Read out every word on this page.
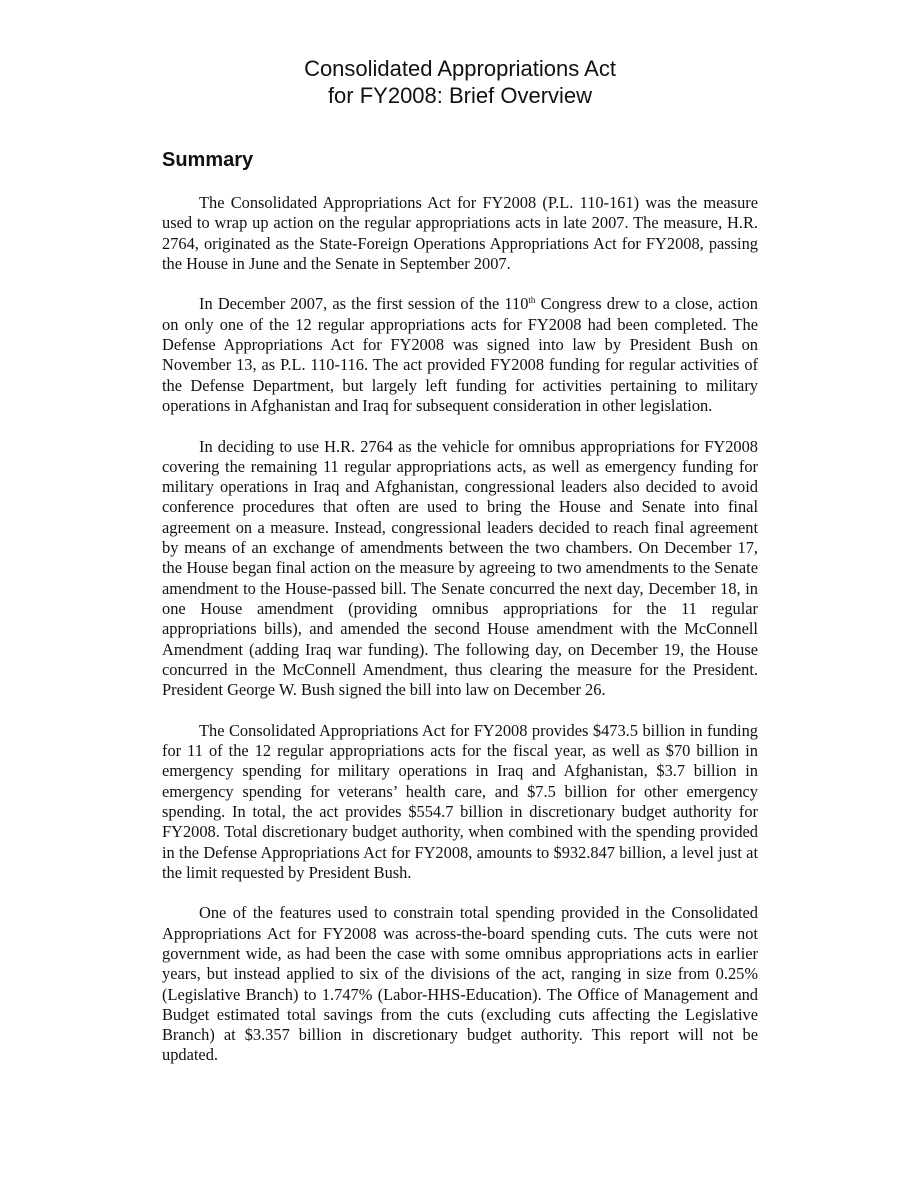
Consolidated Appropriations Act
for FY2008: Brief Overview
Summary

The Consolidated Appropriations Act for FY2008 (P.L. 110-161) was the measure used to wrap up action on the regular appropriations acts in late 2007. The measure, H.R. 2764, originated as the State-Foreign Operations Appropriations Act for FY2008, passing the House in June and the Senate in September 2007.

In December 2007, as the first session of the 110th Congress drew to a close, action on only one of the 12 regular appropriations acts for FY2008 had been completed. The Defense Appropriations Act for FY2008 was signed into law by President Bush on November 13, as P.L. 110-116. The act provided FY2008 funding for regular activities of the Defense Department, but largely left funding for activities pertaining to military operations in Afghanistan and Iraq for subsequent consideration in other legislation.

In deciding to use H.R. 2764 as the vehicle for omnibus appropriations for FY2008 covering the remaining 11 regular appropriations acts, as well as emergency funding for military operations in Iraq and Afghanistan, congressional leaders also decided to avoid conference procedures that often are used to bring the House and Senate into final agreement on a measure. Instead, congressional leaders decided to reach final agreement by means of an exchange of amendments between the two chambers. On December 17, the House began final action on the measure by agreeing to two amendments to the Senate amendment to the House-passed bill. The Senate concurred the next day, December 18, in one House amendment (providing omnibus appropriations for the 11 regular appropriations bills), and amended the second House amendment with the McConnell Amendment (adding Iraq war funding). The following day, on December 19, the House concurred in the McConnell Amendment, thus clearing the measure for the President. President George W. Bush signed the bill into law on December 26.

The Consolidated Appropriations Act for FY2008 provides $473.5 billion in funding for 11 of the 12 regular appropriations acts for the fiscal year, as well as $70 billion in emergency spending for military operations in Iraq and Afghanistan, $3.7 billion in emergency spending for veterans’ health care, and $7.5 billion for other emergency spending. In total, the act provides $554.7 billion in discretionary budget authority for FY2008. Total discretionary budget authority, when combined with the spending provided in the Defense Appropriations Act for FY2008, amounts to $932.847 billion, a level just at the limit requested by President Bush.

One of the features used to constrain total spending provided in the Consolidated Appropriations Act for FY2008 was across-the-board spending cuts. The cuts were not government wide, as had been the case with some omnibus appropriations acts in earlier years, but instead applied to six of the divisions of the act, ranging in size from 0.25% (Legislative Branch) to 1.747% (Labor-HHS-Education). The Office of Management and Budget estimated total savings from the cuts (excluding cuts affecting the Legislative Branch) at $3.357 billion in discretionary budget authority. This report will not be updated.
